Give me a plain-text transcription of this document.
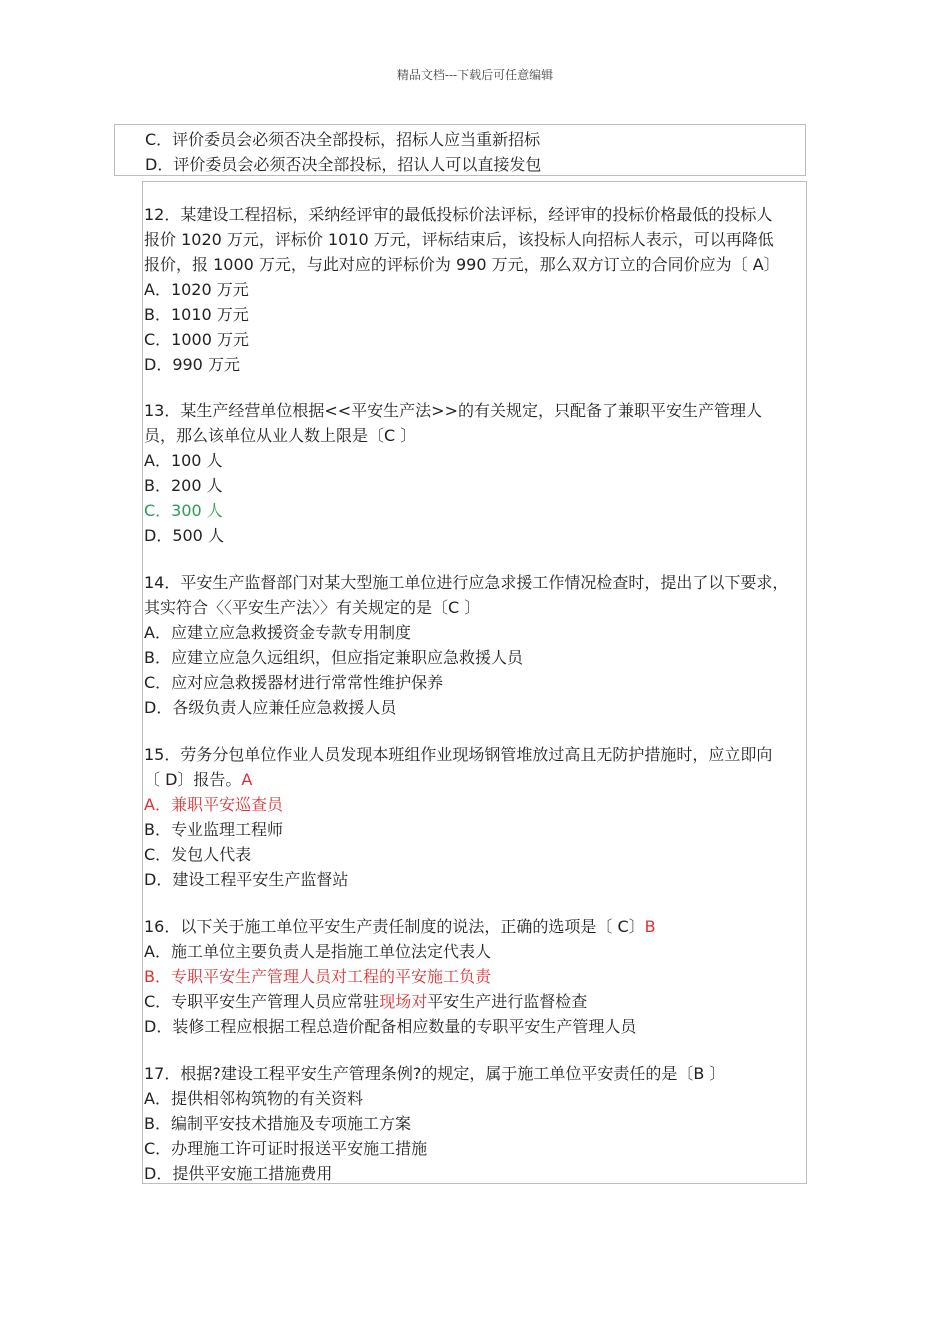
精品文档---下载后可任意编辑
C．评价委员会必须否决全部投标，招标人应当重新招标
D．评价委员会必须否决全部投标，招认人可以直接发包
12．某建设工程招标，采纳经评审的最低投标价法评标，经评审的投标价格最低的投标人
报价 1020 万元，评标价 1010 万元，评标结束后，该投标人向招标人表示，可以再降低
报价，报 1000 万元，与此对应的评标价为 990 万元，那么双方订立的合同价应为〔 A〕
A．1020 万元
B．1010 万元
C．1000 万元
D．990 万元
13．某生产经营单位根据<<平安生产法>>的有关规定，只配备了兼职平安生产管理人
员，那么该单位从业人数上限是〔C 〕
A．100 人
B．200 人
C．300 人
D．500 人
14．平安生产监督部门对某大型施工单位进行应急求援工作情况检查时，提出了以下要求，
其实符合〈〈平安生产法〉〉有关规定的是〔C 〕
A．应建立应急救援资金专款专用制度
B．应建立应急久远组织，但应指定兼职应急救援人员
C．应对应急救援器材进行常常性维护保养
D．各级负责人应兼任应急救援人员
15．劳务分包单位作业人员发现本班组作业现场钢管堆放过高且无防护措施时，应立即向
〔 D〕报告。A
A．兼职平安巡查员
B．专业监理工程师
C．发包人代表
D．建设工程平安生产监督站
16．以下关于施工单位平安生产责任制度的说法，正确的选项是〔 C〕B
A．施工单位主要负责人是指施工单位法定代表人
B．专职平安生产管理人员对工程的平安施工负责
C．专职平安生产管理人员应常驻现场对平安生产进行监督检查
D．装修工程应根据工程总造价配备相应数量的专职平安生产管理人员
17．根据?建设工程平安生产管理条例?的规定，属于施工单位平安责任的是〔B 〕
A．提供相邻构筑物的有关资料
B．编制平安技术措施及专项施工方案
C．办理施工许可证时报送平安施工措施
D．提供平安施工措施费用
